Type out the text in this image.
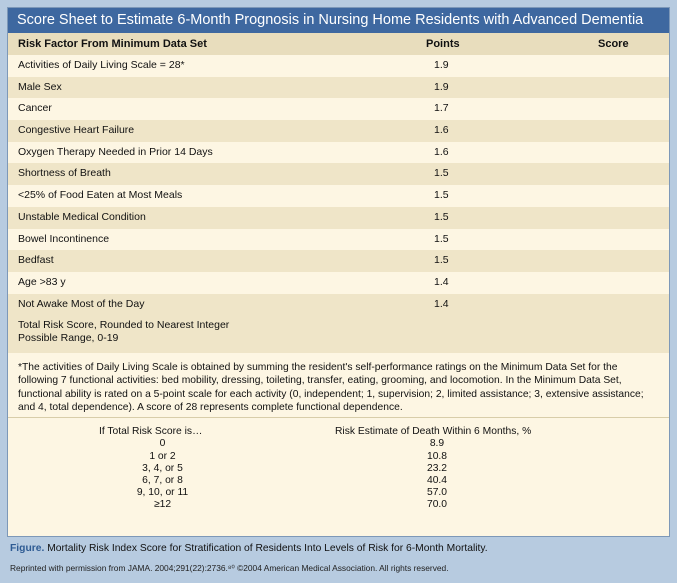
Score Sheet to Estimate 6-Month Prognosis in Nursing Home Residents with Advanced Dementia
Risk Factor From Minimum Data Set	Points	Score
Activities of Daily Living Scale = 28*	1.9
Male Sex	1.9
Cancer	1.7
Congestive Heart Failure	1.6
Oxygen Therapy Needed in Prior 14 Days	1.6
Shortness of Breath	1.5
<25% of Food Eaten at Most Meals	1.5
Unstable Medical Condition	1.5
Bowel Incontinence	1.5
Bedfast	1.5
Age >83 y	1.4
Not Awake Most of the Day	1.4
Total Risk Score, Rounded to Nearest Integer
Possible Range, 0-19
*The activities of Daily Living Scale is obtained by summing the resident's self-performance ratings on the Minimum Data Set for the following 7 functional activities: bed mobility, dressing, toileting, transfer, eating, grooming, and locomotion. In the Minimum Data Set, functional ability is rated on a 5-point scale for each activity (0, independent; 1, supervision; 2, limited assistance; 3, extensive assistance; and 4, total dependence). A score of 28 represents complete functional dependence.
If Total Risk Score is…	Risk Estimate of Death Within 6 Months, %
0	8.9
1 or 2	10.8
3, 4, or 5	23.2
6, 7, or 8	40.4
9, 10, or 11	57.0
≥12	70.0
Figure. Mortality Risk Index Score for Stratification of Residents Into Levels of Risk for 6-Month Mortality.
Reprinted with permission from JAMA. 2004;291(22):2736.⁸⁰ ©2004 American Medical Association. All rights reserved.
